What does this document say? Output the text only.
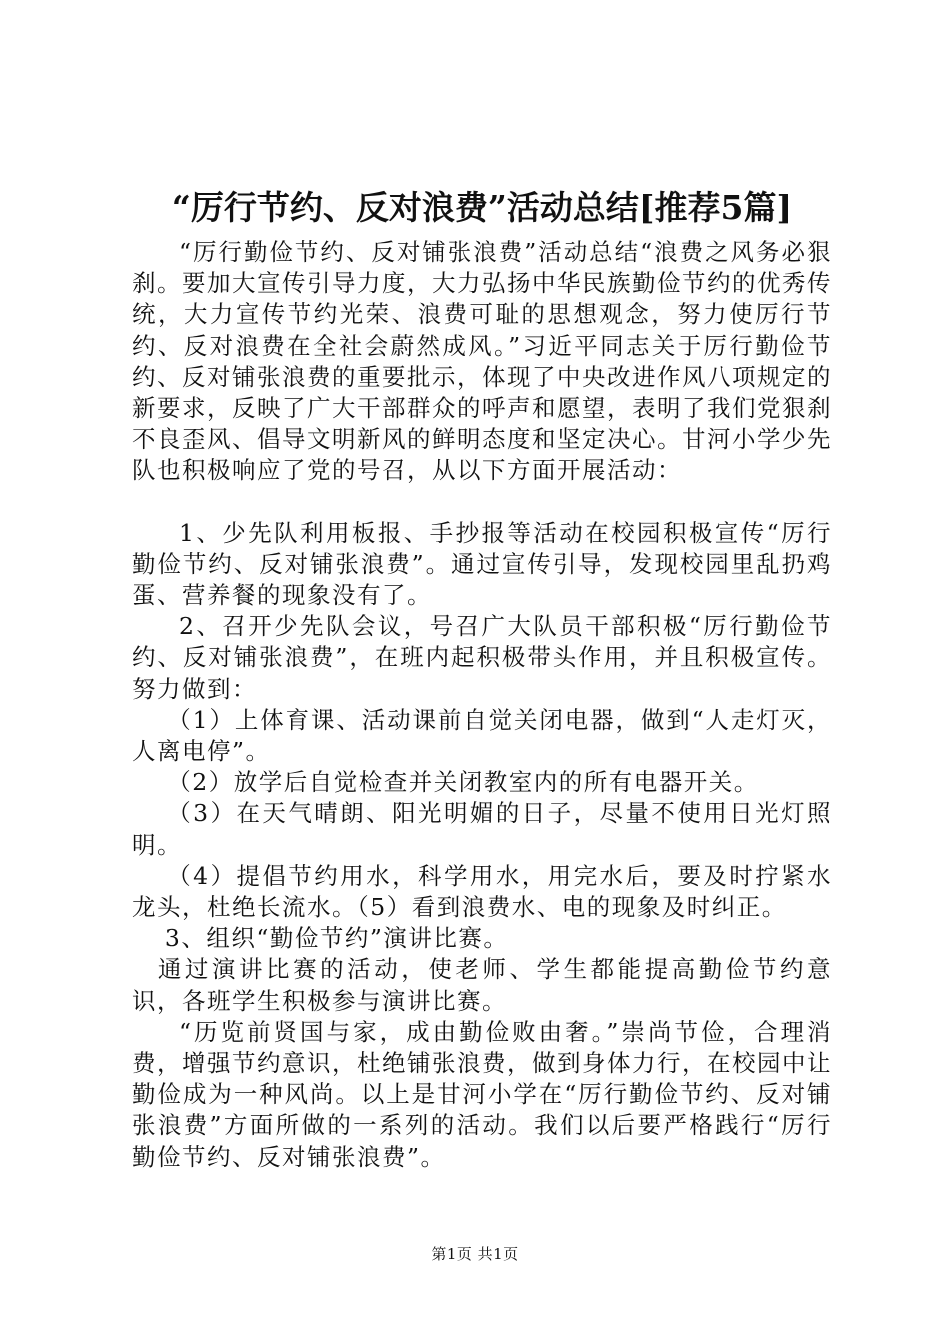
“厉行节约、反对浪费”活动总结[推荐5篇]

“厉行勤俭节约、反对铺张浪费”活动总结“浪费之风务必狠刹。要加大宣传引导力度，大力弘扬中华民族勤俭节约的优秀传统，大力宣传节约光荣、浪费可耻的思想观念，努力使厉行节约、反对浪费在全社会蔚然成风。”习近平同志关于厉行勤俭节约、反对铺张浪费的重要批示，体现了中央改进作风八项规定的新要求，反映了广大干部群众的呼声和愿望，表明了我们党狠刹不良歪风、倡导文明新风的鲜明态度和坚定决心。甘河小学少先队也积极响应了党的号召，从以下方面开展活动：

1、少先队利用板报、手抄报等活动在校园积极宣传“厉行勤俭节约、反对铺张浪费”。通过宣传引导，发现校园里乱扔鸡蛋、营养餐的现象没有了。

2、召开少先队会议，号召广大队员干部积极“厉行勤俭节约、反对铺张浪费”，在班内起积极带头作用，并且积极宣传。努力做到：

（1）上体育课、活动课前自觉关闭电器，做到“人走灯灭，人离电停”。

（2）放学后自觉检查并关闭教室内的所有电器开关。

（3）在天气晴朗、阳光明媚的日子，尽量不使用日光灯照明。

（4）提倡节约用水，科学用水，用完水后，要及时拧紧水龙头，杜绝长流水。（5）看到浪费水、电的现象及时纠正。

3、组织“勤俭节约”演讲比赛。

通过演讲比赛的活动，使老师、学生都能提高勤俭节约意识，各班学生积极参与演讲比赛。

“历览前贤国与家，成由勤俭败由奢。”崇尚节俭，合理消费，增强节约意识，杜绝铺张浪费，做到身体力行，在校园中让勤俭成为一种风尚。以上是甘河小学在“厉行勤俭节约、反对铺张浪费”方面所做的一系列的活动。我们以后要严格践行“厉行勤俭节约、反对铺张浪费”。

第1页 共1页
